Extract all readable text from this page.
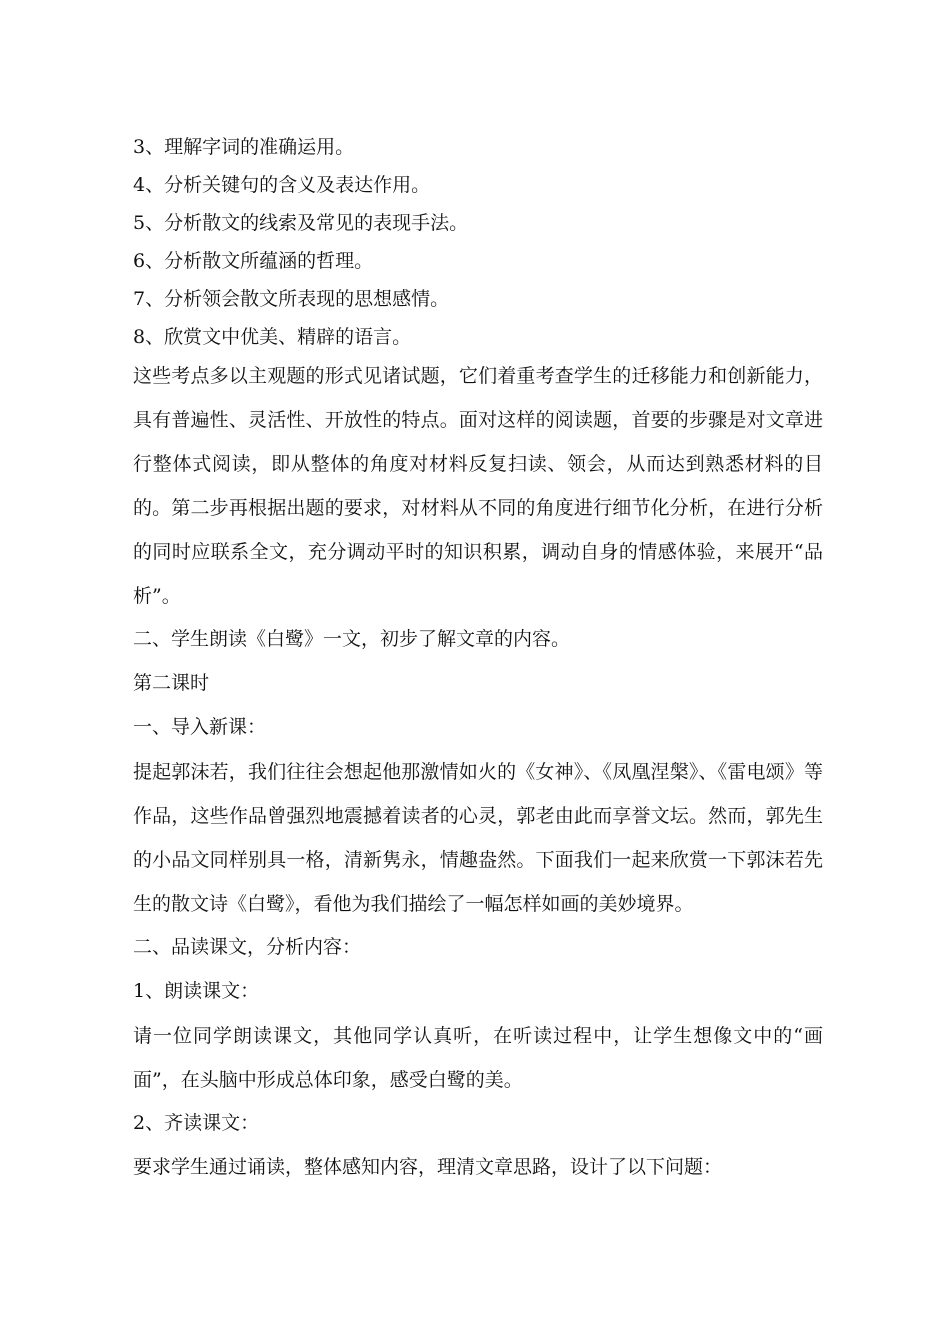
3、理解字词的准确运用。

4、分析关键句的含义及表达作用。

5、分析散文的线索及常见的表现手法。

6、分析散文所蕴涵的哲理。

7、分析领会散文所表现的思想感情。

8、欣赏文中优美、精辟的语言。

这些考点多以主观题的形式见诸试题，它们着重考查学生的迁移能力和创新能力，具有普遍性、灵活性、开放性的特点。面对这样的阅读题，首要的步骤是对文章进行整体式阅读，即从整体的角度对材料反复扫读、领会，从而达到熟悉材料的目的。第二步再根据出题的要求，对材料从不同的角度进行细节化分析，在进行分析的同时应联系全文，充分调动平时的知识积累，调动自身的情感体验，来展开“品析”。

二、学生朗读《白鹭》一文，初步了解文章的内容。

第二课时

一、导入新课：

提起郭沫若，我们往往会想起他那激情如火的《女神》、《凤凰涅槃》、《雷电颂》等作品，这些作品曾强烈地震撼着读者的心灵，郭老由此而享誉文坛。然而，郭先生的小品文同样别具一格，清新隽永，情趣盎然。下面我们一起来欣赏一下郭沫若先生的散文诗《白鹭》，看他为我们描绘了一幅怎样如画的美妙境界。

二、品读课文，分析内容：

1、朗读课文：

请一位同学朗读课文，其他同学认真听，在听读过程中，让学生想像文中的“画面”，在头脑中形成总体印象，感受白鹭的美。

2、齐读课文：

要求学生通过诵读，整体感知内容，理清文章思路，设计了以下问题：
